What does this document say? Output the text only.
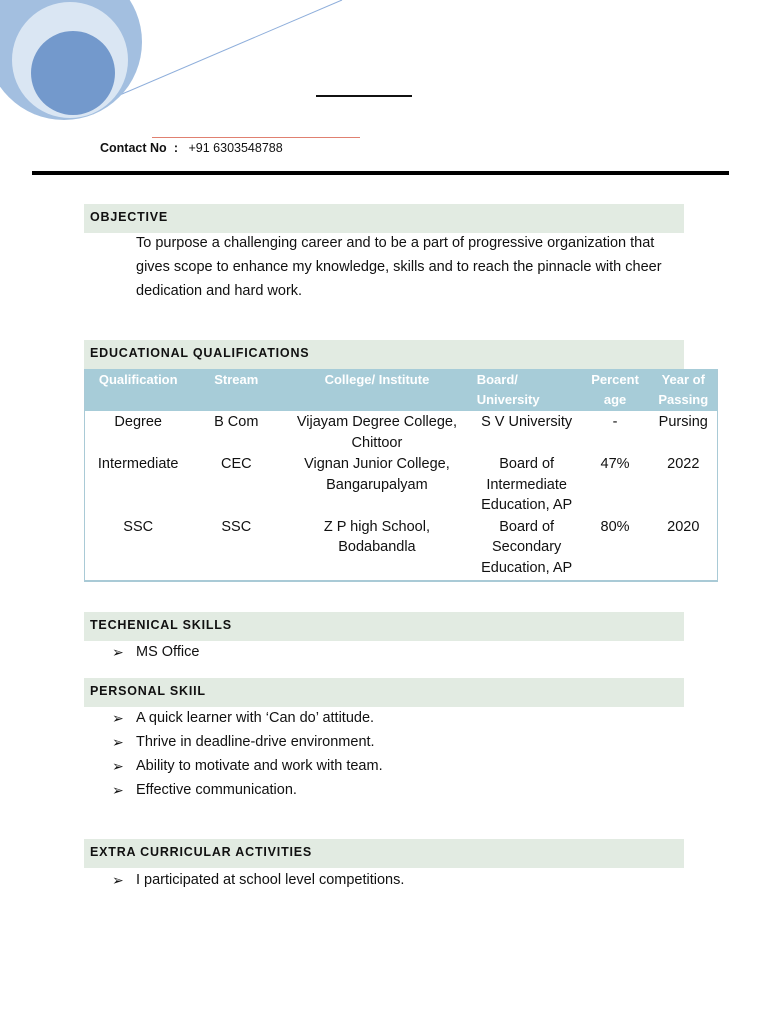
Contact No : +91 6303548788
OBJECTIVE
To purpose a challenging career and to be a part of progressive organization that
gives scope to enhance my knowledge, skills and to reach the pinnacle with cheer
dedication and hard work.
EDUCATIONAL QUALIFICATIONS
Qualification	Stream	College/ Institute	Board/ University	Percent age	Year of Passing
Degree	B Com	Vijayam Degree College, Chittoor	S V University	-	Pursing
Intermediate	CEC	Vignan Junior College, Bangarupalyam	Board of Intermediate Education, AP	47%	2022
SSC	SSC	Z P high School, Bodabandla	Board of Secondary Education, AP	80%	2020
TECHENICAL SKILLS
➢ MS Office
PERSONAL SKIIL
➢ A quick learner with ‘Can do’ attitude.
➢ Thrive in deadline-drive environment.
➢ Ability to motivate and work with team.
➢ Effective communication.
EXTRA CURRICULAR ACTIVITIES
➢ I participated at school level competitions.
